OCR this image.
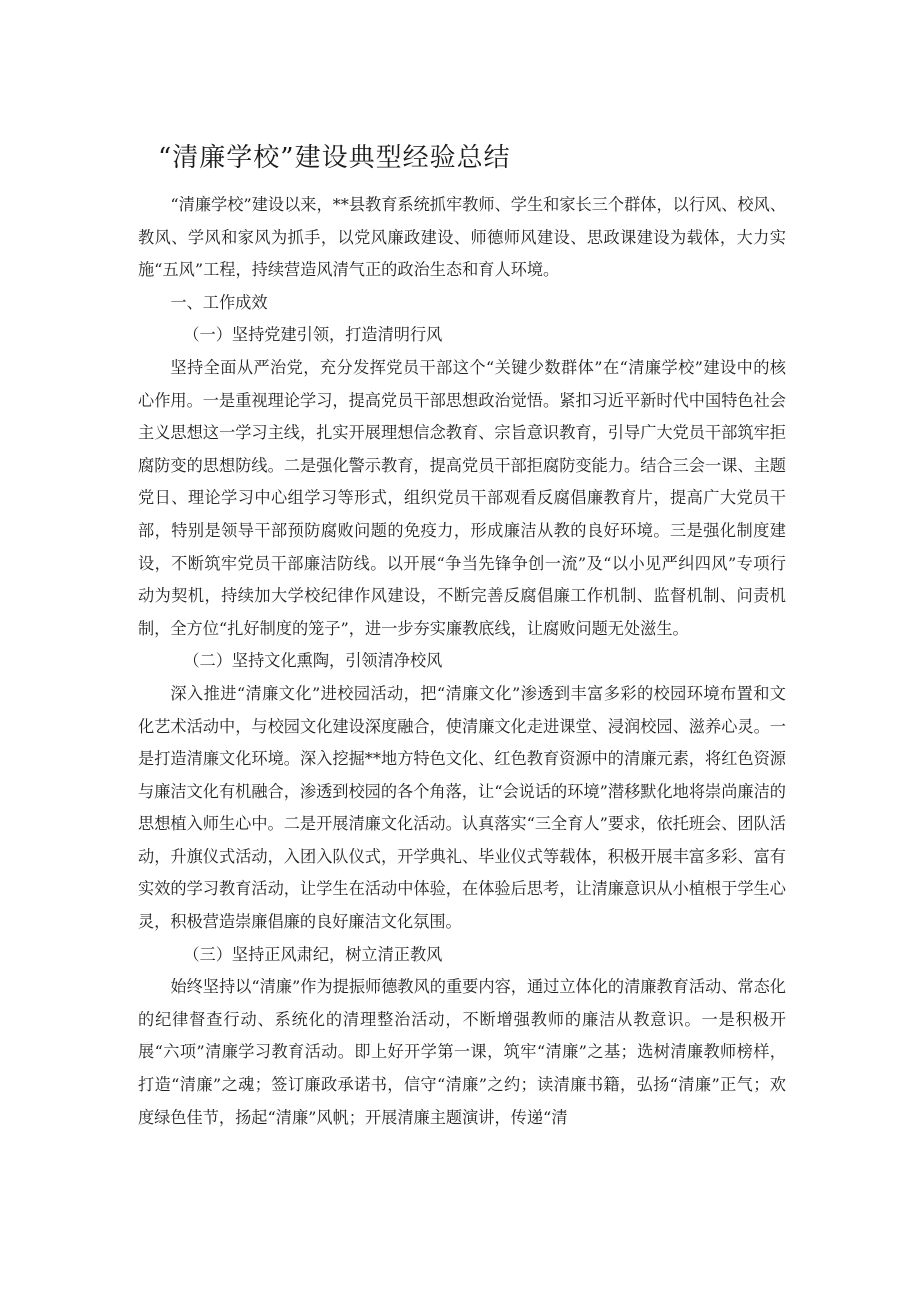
“清廉学校”建设典型经验总结

“清廉学校”建设以来，**县教育系统抓牢教师、学生和家长三个群体，以行风、校风、教风、学风和家风为抓手，以党风廉政建设、师德师风建设、思政课建设为载体，大力实施“五风”工程，持续营造风清气正的政治生态和育人环境。

一、工作成效

（一）坚持党建引领，打造清明行风

坚持全面从严治党，充分发挥党员干部这个“关键少数群体”在“清廉学校”建设中的核心作用。一是重视理论学习，提高党员干部思想政治觉悟。紧扣习近平新时代中国特色社会主义思想这一学习主线，扎实开展理想信念教育、宗旨意识教育，引导广大党员干部筑牢拒腐防变的思想防线。二是强化警示教育，提高党员干部拒腐防变能力。结合三会一课、主题党日、理论学习中心组学习等形式，组织党员干部观看反腐倡廉教育片，提高广大党员干部，特别是领导干部预防腐败问题的免疫力，形成廉洁从教的良好环境。三是强化制度建设，不断筑牢党员干部廉洁防线。以开展“争当先锋争创一流”及“以小见严纠四风”专项行动为契机，持续加大学校纪律作风建设，不断完善反腐倡廉工作机制、监督机制、问责机制，全方位“扎好制度的笼子”，进一步夯实廉教底线，让腐败问题无处滋生。

（二）坚持文化熏陶，引领清净校风

深入推进“清廉文化”进校园活动，把“清廉文化”渗透到丰富多彩的校园环境布置和文化艺术活动中，与校园文化建设深度融合，使清廉文化走进课堂、浸润校园、滋养心灵。一是打造清廉文化环境。深入挖掘**地方特色文化、红色教育资源中的清廉元素，将红色资源与廉洁文化有机融合，渗透到校园的各个角落，让“会说话的环境”潜移默化地将崇尚廉洁的思想植入师生心中。二是开展清廉文化活动。认真落实“三全育人”要求，依托班会、团队活动，升旗仪式活动，入团入队仪式，开学典礼、毕业仪式等载体，积极开展丰富多彩、富有实效的学习教育活动，让学生在活动中体验，在体验后思考，让清廉意识从小植根于学生心灵，积极营造崇廉倡廉的良好廉洁文化氛围。

（三）坚持正风肃纪，树立清正教风

始终坚持以“清廉”作为提振师德教风的重要内容，通过立体化的清廉教育活动、常态化的纪律督查行动、系统化的清理整治活动，不断增强教师的廉洁从教意识。一是积极开展“六项”清廉学习教育活动。即上好开学第一课，筑牢“清廉”之基；选树清廉教师榜样，打造“清廉”之魂；签订廉政承诺书，信守“清廉”之约；读清廉书籍，弘扬“清廉”正气；欢度绿色佳节，扬起“清廉”风帆；开展清廉主题演讲，传递“清
